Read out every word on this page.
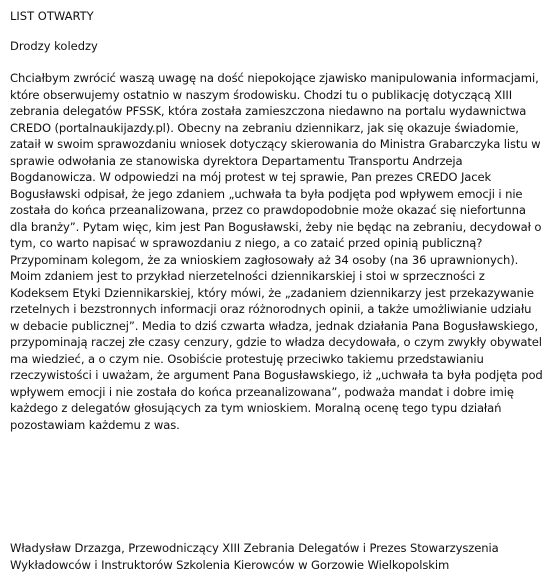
LIST OTWARTY
Drodzy koledzy

Chciałbym zwrócić waszą uwagę na dość niepokojące zjawisko manipulowania informacjami, które obserwujemy ostatnio w naszym środowisku. Chodzi tu o publikację dotyczącą XIII zebrania delegatów PFSSK, która została zamieszczona niedawno na portalu wydawnictwa CREDO (portalnaukijazdy.pl). Obecny na zebraniu dziennikarz, jak się okazuje świadomie, zataił w swoim sprawozdaniu wniosek dotyczący skierowania do Ministra Grabarczyka listu w sprawie odwołania ze stanowiska dyrektora Departamentu Transportu Andrzeja Bogdanowicza. W odpowiedzi na mój protest w tej sprawie, Pan prezes CREDO Jacek Bogusławski odpisał, że jego zdaniem „uchwała ta była podjęta pod wpływem emocji i nie została do końca przeanalizowana, przez co prawdopodobnie może okazać się niefortunna dla branży”. Pytam więc, kim jest Pan Bogusławski, żeby nie będąc na zebraniu, decydował o tym, co warto napisać w sprawozdaniu z niego, a co zataić przed opinią publiczną? Przypominam kolegom, że za wnioskiem zagłosowały aż 34 osoby (na 36 uprawnionych). Moim zdaniem jest to przykład nierzetelności dziennikarskiej i stoi w sprzeczności z Kodeksem Etyki Dziennikarskiej, który mówi, że „zadaniem dziennikarzy jest przekazywanie rzetelnych i bezstronnych informacji oraz różnorodnych opinii, a także umożliwianie udziału w debacie publicznej”. Media to dziś czwarta władza, jednak działania Pana Bogusławskiego, przypominają raczej złe czasy cenzury, gdzie to władza decydowała, o czym zwykły obywatel ma wiedzieć, a o czym nie. Osobiście protestuję przeciwko takiemu przedstawianiu rzeczywistości i uważam, że argument Pana Bogusławskiego, iż „uchwała ta była podjęta pod wpływem emocji i nie została do końca przeanalizowana”, podważa mandat i dobre imię każdego z delegatów głosujących za tym wnioskiem. Moralną ocenę tego typu działań pozostawiam każdemu z was.

Władysław Drzazga, Przewodniczący XIII Zebrania Delegatów i Prezes Stowarzyszenia
Wykładowców i Instruktorów Szkolenia Kierowców w Gorzowie Wielkopolskim
